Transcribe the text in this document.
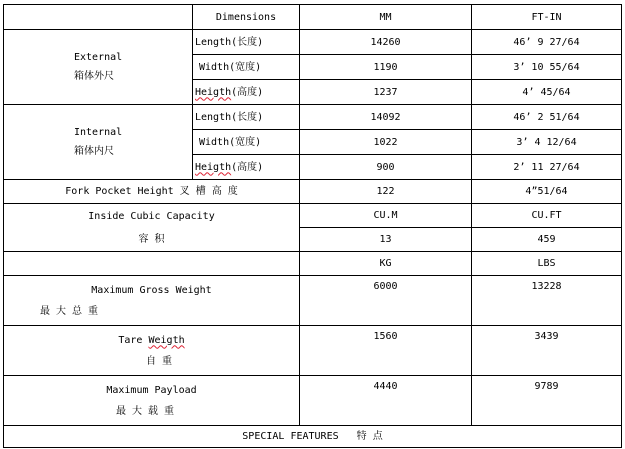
	Dimensions	MM	FT-IN

External
箱体外尺	Length(长度)	14260	46’ 9 27/64
	Width(宽度)	1190	3’ 10 55/64
	Heigth(高度)	1237	4’ 45/64

Internal
箱体内尺	Length(长度)	14092	46’ 2 51/64
	Width(宽度)	1022	3’ 4 12/64
	Heigth(高度)	900	2’ 11 27/64
Fork Pocket Height 叉 槽 高 度		122	4”51/64

Inside Cubic Capacity
容 积		CU.M	CU.FT
		13	459
		KG	LBS

Maximum Gross Weight
最 大 总 重		6000	13228

Tare Weigth
自 重		1560	3439

Maximum Payload
最 大 载 重		4440	9789
SPECIAL FEATURES 特 点			
